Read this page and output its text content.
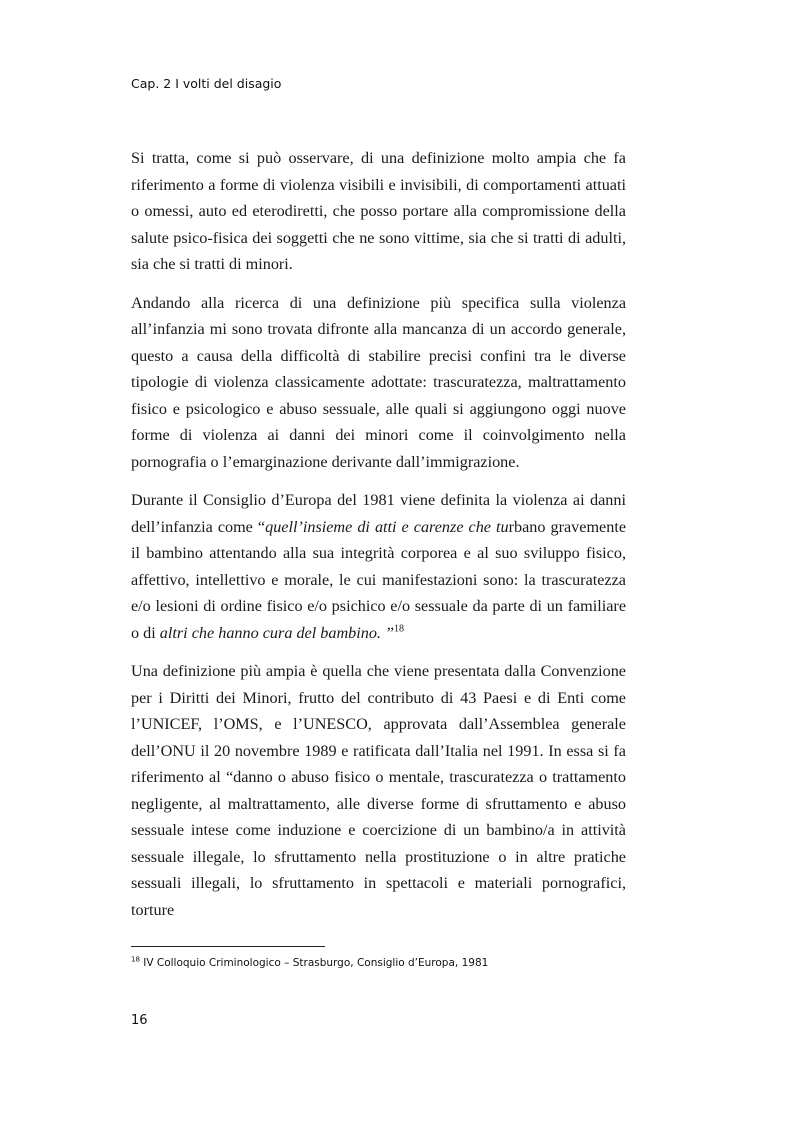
Cap. 2 I volti del disagio

Si tratta, come si può osservare, di una definizione molto ampia che fa riferimento a forme di violenza visibili e invisibili, di comportamenti attuati o omessi, auto ed eterodiretti, che posso portare alla compromissione della salute psico-fisica dei soggetti che ne sono vittime, sia che si tratti di adulti, sia che si tratti di minori.

Andando alla ricerca di una definizione più specifica sulla violenza all’infanzia mi sono trovata difronte alla mancanza di un accordo generale, questo a causa della difficoltà di stabilire precisi confini tra le diverse tipologie di violenza classicamente adottate: trascuratezza, maltrattamento fisico e psicologico e abuso sessuale, alle quali si aggiungono oggi nuove forme di violenza ai danni dei minori come il coinvolgimento nella pornografia o l’emarginazione derivante dall’immigrazione.

Durante il Consiglio d’Europa del 1981 viene definita la violenza ai danni dell’infanzia come “quell’insieme di atti e carenze che turbano gravemente il bambino attentando alla sua integrità corporea e al suo sviluppo fisico, affettivo, intellettivo e morale, le cui manifestazioni sono: la trascuratezza e/o lesioni di ordine fisico e/o psichico e/o sessuale da parte di un familiare o di altri che hanno cura del bambino. ”$^{18}$

Una definizione più ampia è quella che viene presentata dalla Convenzione per i Diritti dei Minori, frutto del contributo di 43 Paesi e di Enti come l’UNICEF, l’OMS, e l’UNESCO, approvata dall’Assemblea generale dell’ONU il 20 novembre 1989 e ratificata dall’Italia nel 1991. In essa si fa riferimento al “danno o abuso fisico o mentale, trascuratezza o trattamento negligente, al maltrattamento, alle diverse forme di sfruttamento e abuso sessuale intese come induzione e coercizione di un bambino/a in attività sessuale illegale, lo sfruttamento nella prostituzione o in altre pratiche sessuali illegali, lo sfruttamento in spettacoli e materiali pornografici, torture

$^{18}$ IV Colloquio Criminologico – Strasburgo, Consiglio d’Europa, 1981
16
